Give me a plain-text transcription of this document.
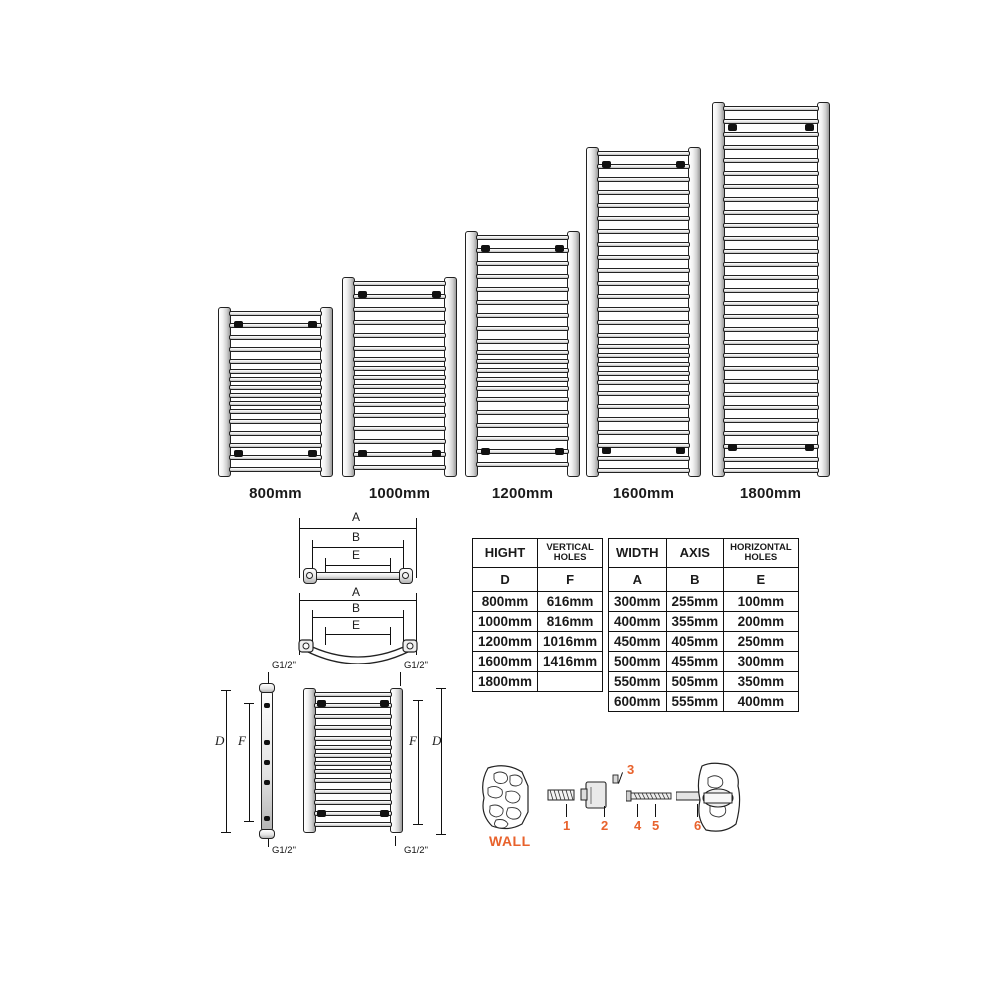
800mm	1000mm	1200mm	1600mm	1800mm
A
B
E
A
B
E
HIGHT	VERTICAL
HOLES
D	F
800mm	616mm
1000mm	816mm
1200mm	1016mm
1600mm	1416mm
1800mm	
WIDTH	AXIS	HORIZONTAL
HOLES
A	B	E
300mm	255mm	100mm
400mm	355mm	200mm
450mm	405mm	250mm
500mm	455mm	300mm
550mm	505mm	350mm
600mm	555mm	400mm
D F
G1/2"
G1/2"
F D
G1/2"
G1/2"
WALL
1 2
3
4 5	6
